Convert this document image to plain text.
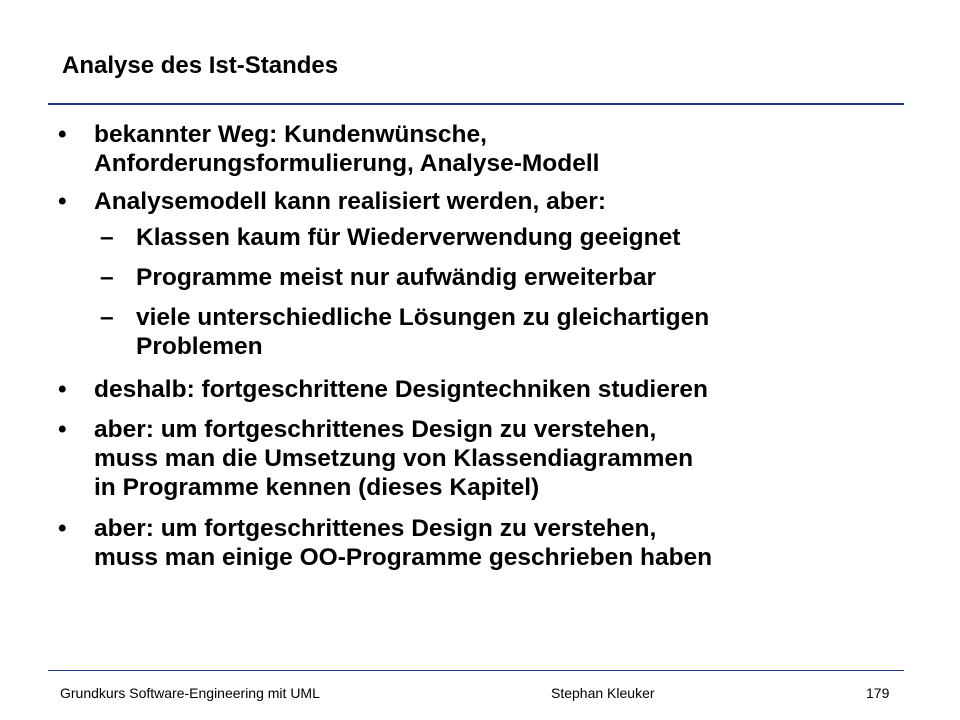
Analyse des Ist-Standes
• bekannter Weg: Kundenwünsche,
Anforderungsformulierung, Analyse-Modell
• Analysemodell kann realisiert werden, aber:
– Klassen kaum für Wiederverwendung geeignet
– Programme meist nur aufwändig erweiterbar
– viele unterschiedliche Lösungen zu gleichartigen
Problemen
• deshalb: fortgeschrittene Designtechniken studieren
• aber: um fortgeschrittenes Design zu verstehen,
muss man die Umsetzung von Klassendiagrammen
in Programme kennen (dieses Kapitel)
• aber: um fortgeschrittenes Design zu verstehen,
muss man einige OO-Programme geschrieben haben
Grundkurs Software-Engineering mit UML	Stephan Kleuker	179
